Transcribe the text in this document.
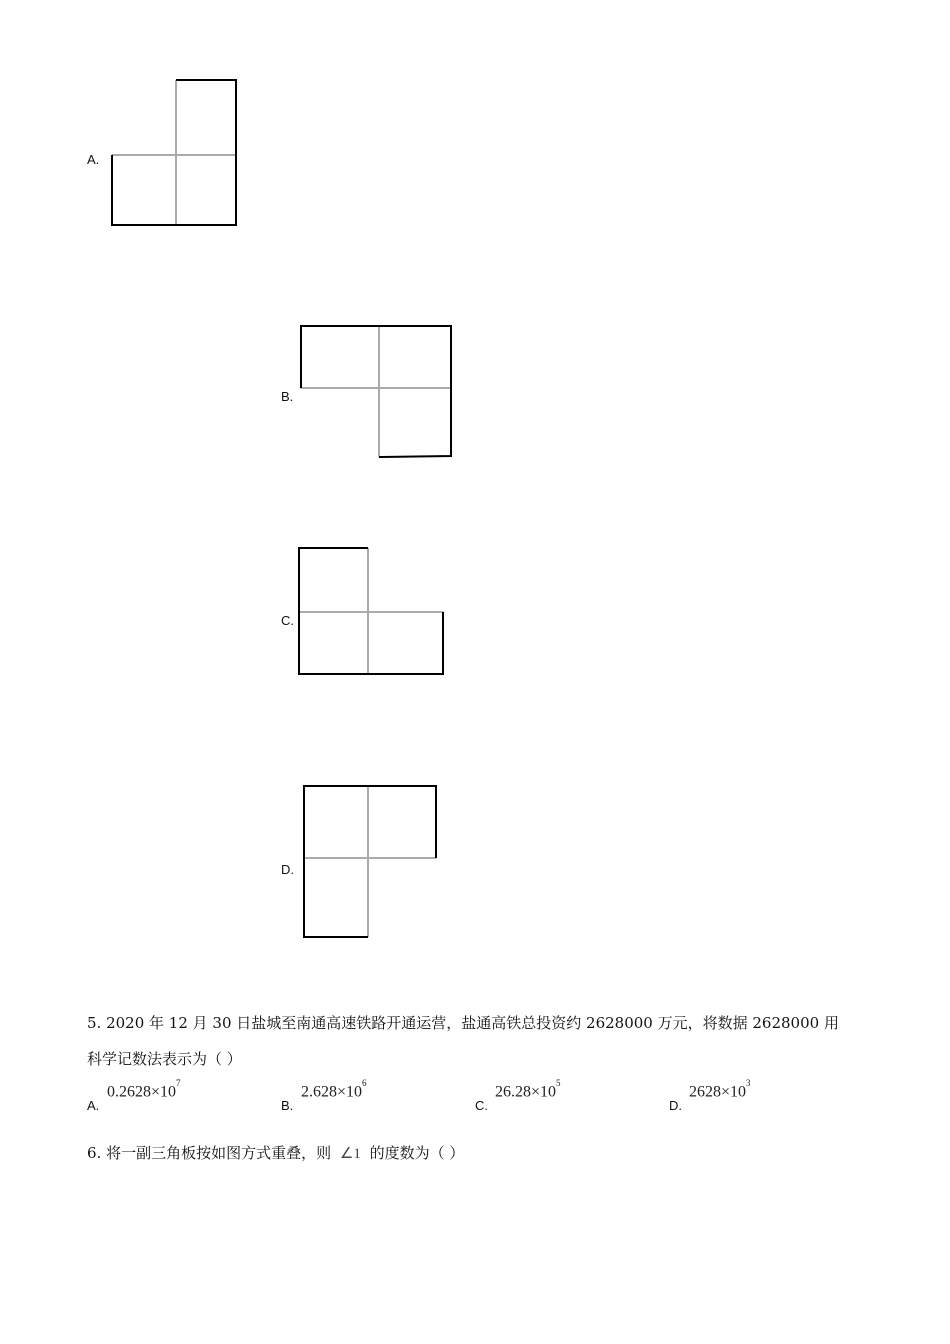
A.
B.
C.
D.
5. 2020 年 12 月 30 日盐城至南通高速铁路开通运营，盐通高铁总投资约 2628000 万元，将数据 2628000 用
科学记数法表示为（ ）
A.
$0.2628\times 10^7$
B.
$2.628\times 10^6$
C.
$26.28\times 10^5$
D.
$2628\times 10^3$
6. 将一副三角板按如图方式重叠，则 ∠1 的度数为（ ）
